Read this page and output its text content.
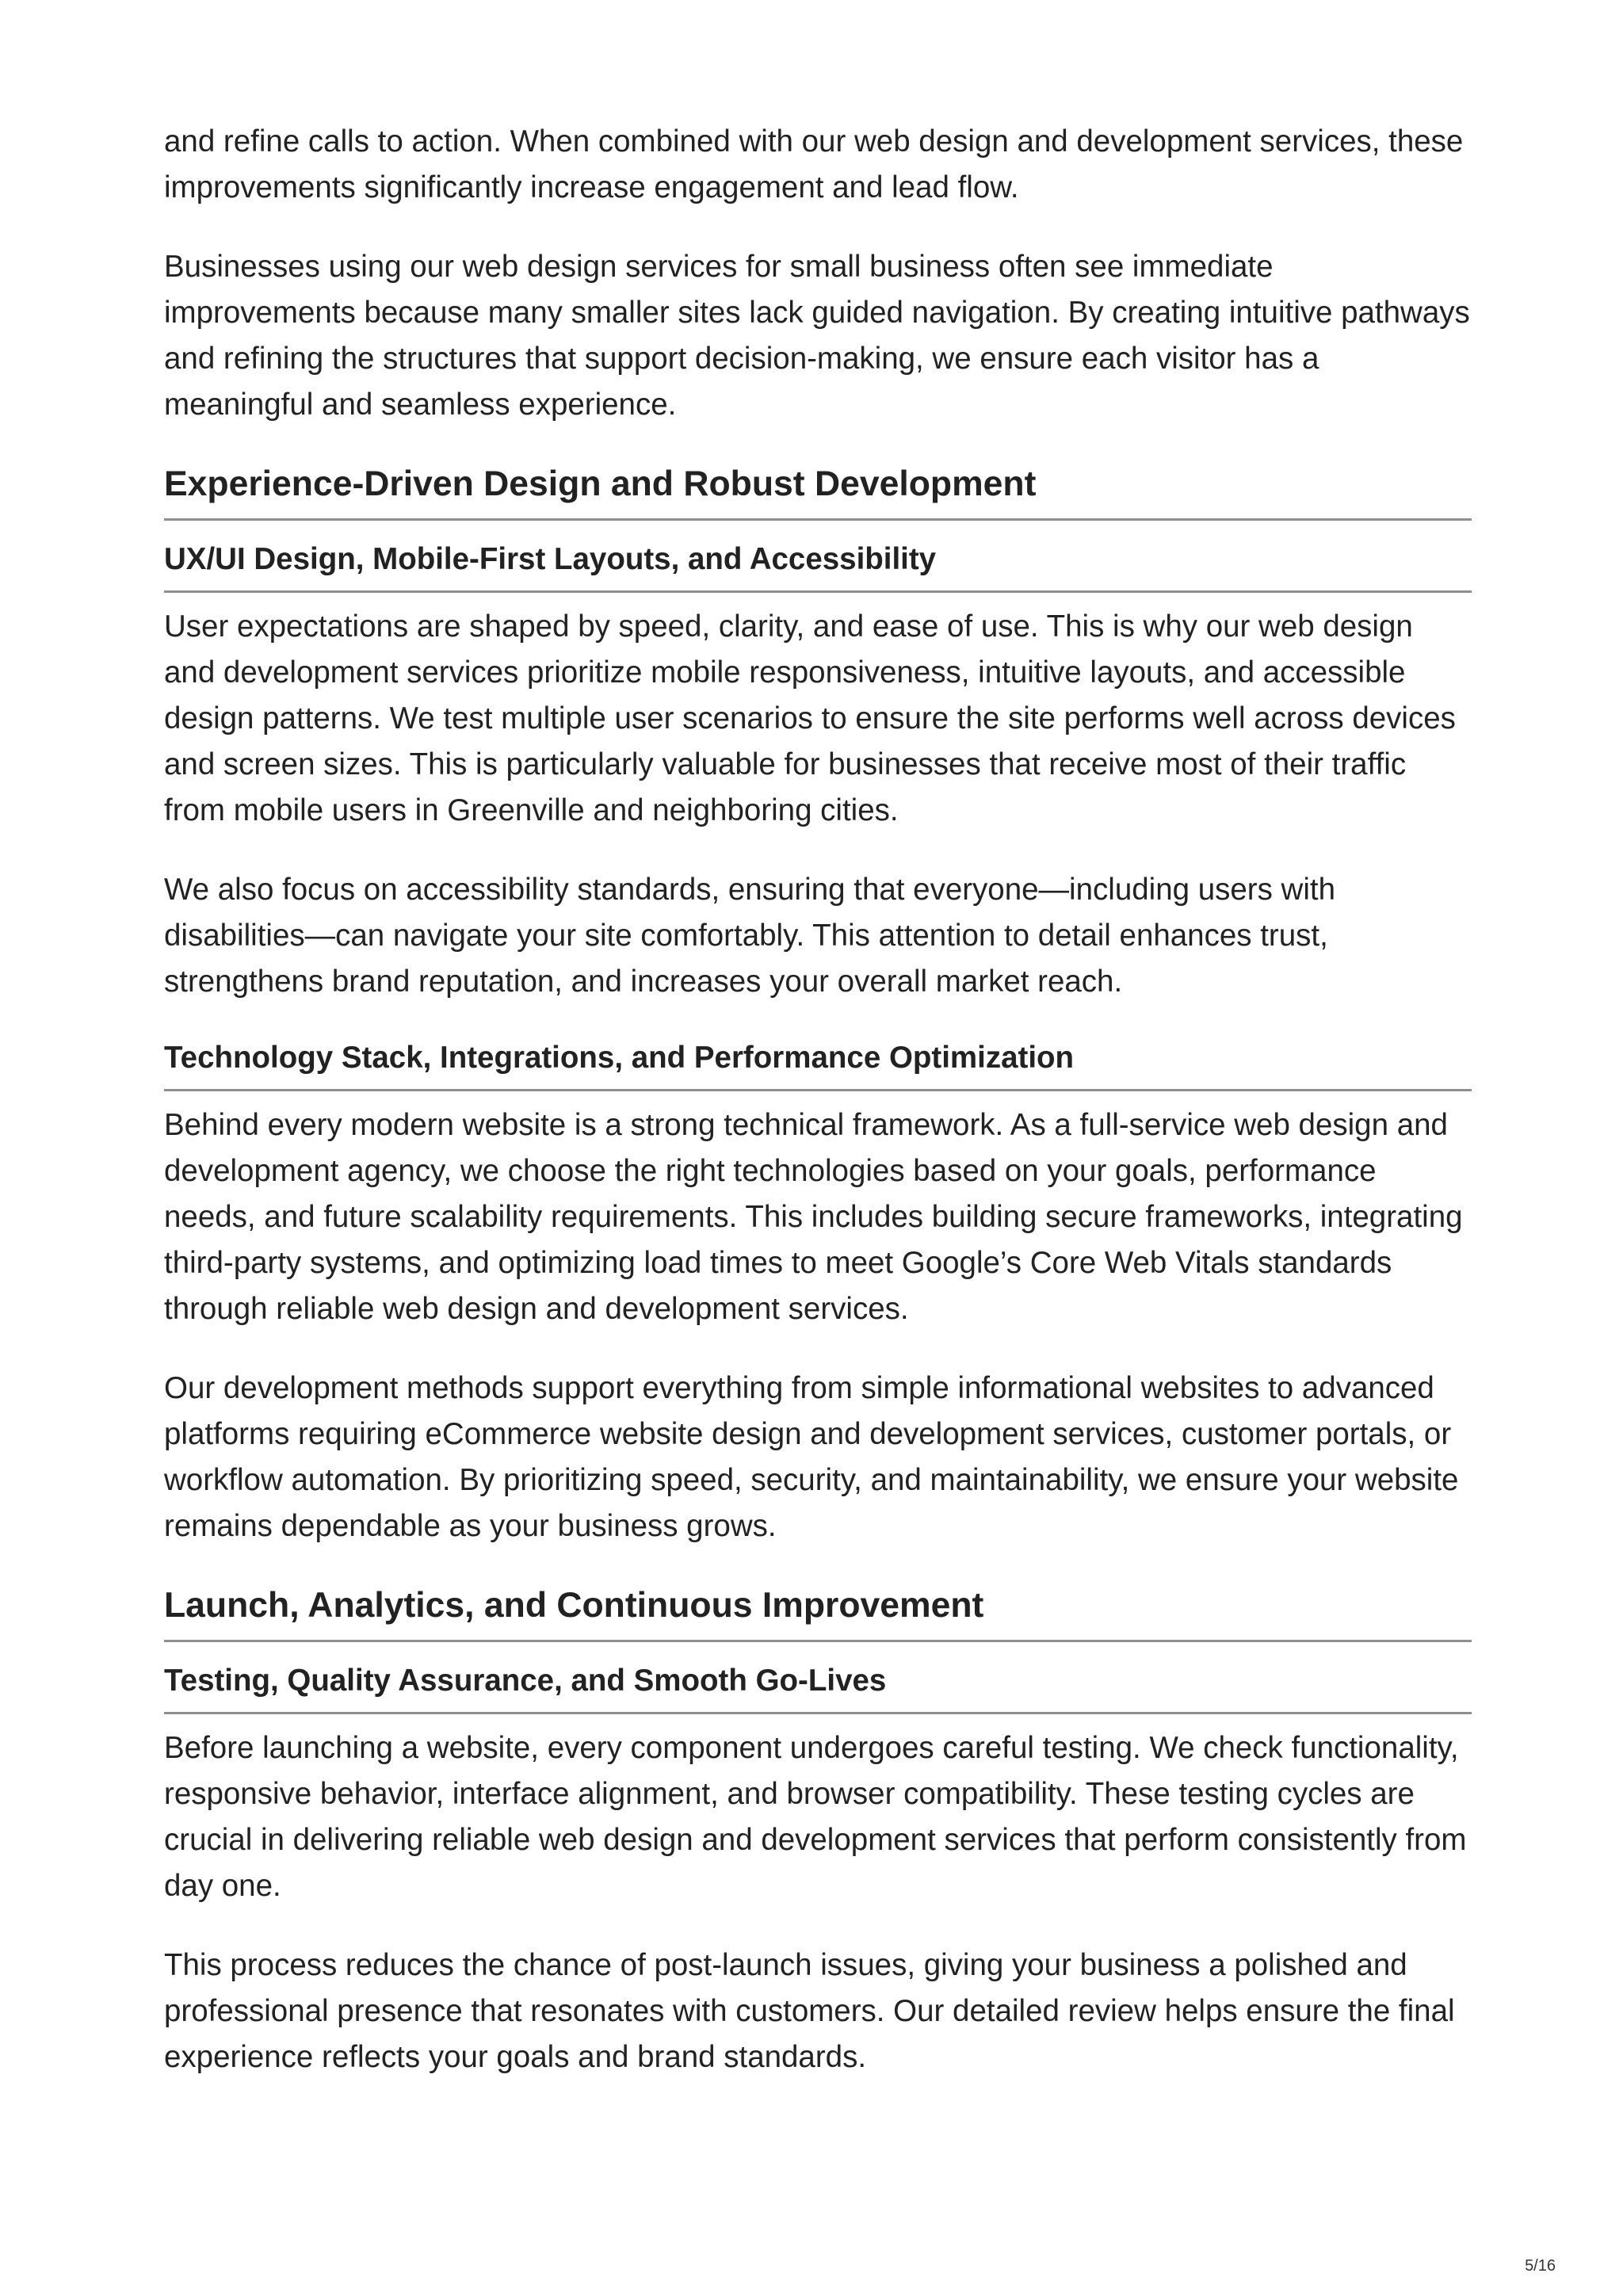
and refine calls to action. When combined with our web design and development services, these improvements significantly increase engagement and lead flow.

Businesses using our web design services for small business often see immediate improvements because many smaller sites lack guided navigation. By creating intuitive pathways and refining the structures that support decision-making, we ensure each visitor has a meaningful and seamless experience.

Experience-Driven Design and Robust Development
UX/UI Design, Mobile-First Layouts, and Accessibility

User expectations are shaped by speed, clarity, and ease of use. This is why our web design and development services prioritize mobile responsiveness, intuitive layouts, and accessible design patterns. We test multiple user scenarios to ensure the site performs well across devices and screen sizes. This is particularly valuable for businesses that receive most of their traffic from mobile users in Greenville and neighboring cities.

We also focus on accessibility standards, ensuring that everyone—including users with disabilities—can navigate your site comfortably. This attention to detail enhances trust, strengthens brand reputation, and increases your overall market reach.

Technology Stack, Integrations, and Performance Optimization

Behind every modern website is a strong technical framework. As a full-service web design and development agency, we choose the right technologies based on your goals, performance needs, and future scalability requirements. This includes building secure frameworks, integrating third-party systems, and optimizing load times to meet Google’s Core Web Vitals standards through reliable web design and development services.

Our development methods support everything from simple informational websites to advanced platforms requiring eCommerce website design and development services, customer portals, or workflow automation. By prioritizing speed, security, and maintainability, we ensure your website remains dependable as your business grows.

Launch, Analytics, and Continuous Improvement
Testing, Quality Assurance, and Smooth Go-Lives

Before launching a website, every component undergoes careful testing. We check functionality, responsive behavior, interface alignment, and browser compatibility. These testing cycles are crucial in delivering reliable web design and development services that perform consistently from day one.

This process reduces the chance of post-launch issues, giving your business a polished and professional presence that resonates with customers. Our detailed review helps ensure the final experience reflects your goals and brand standards.

5/16
